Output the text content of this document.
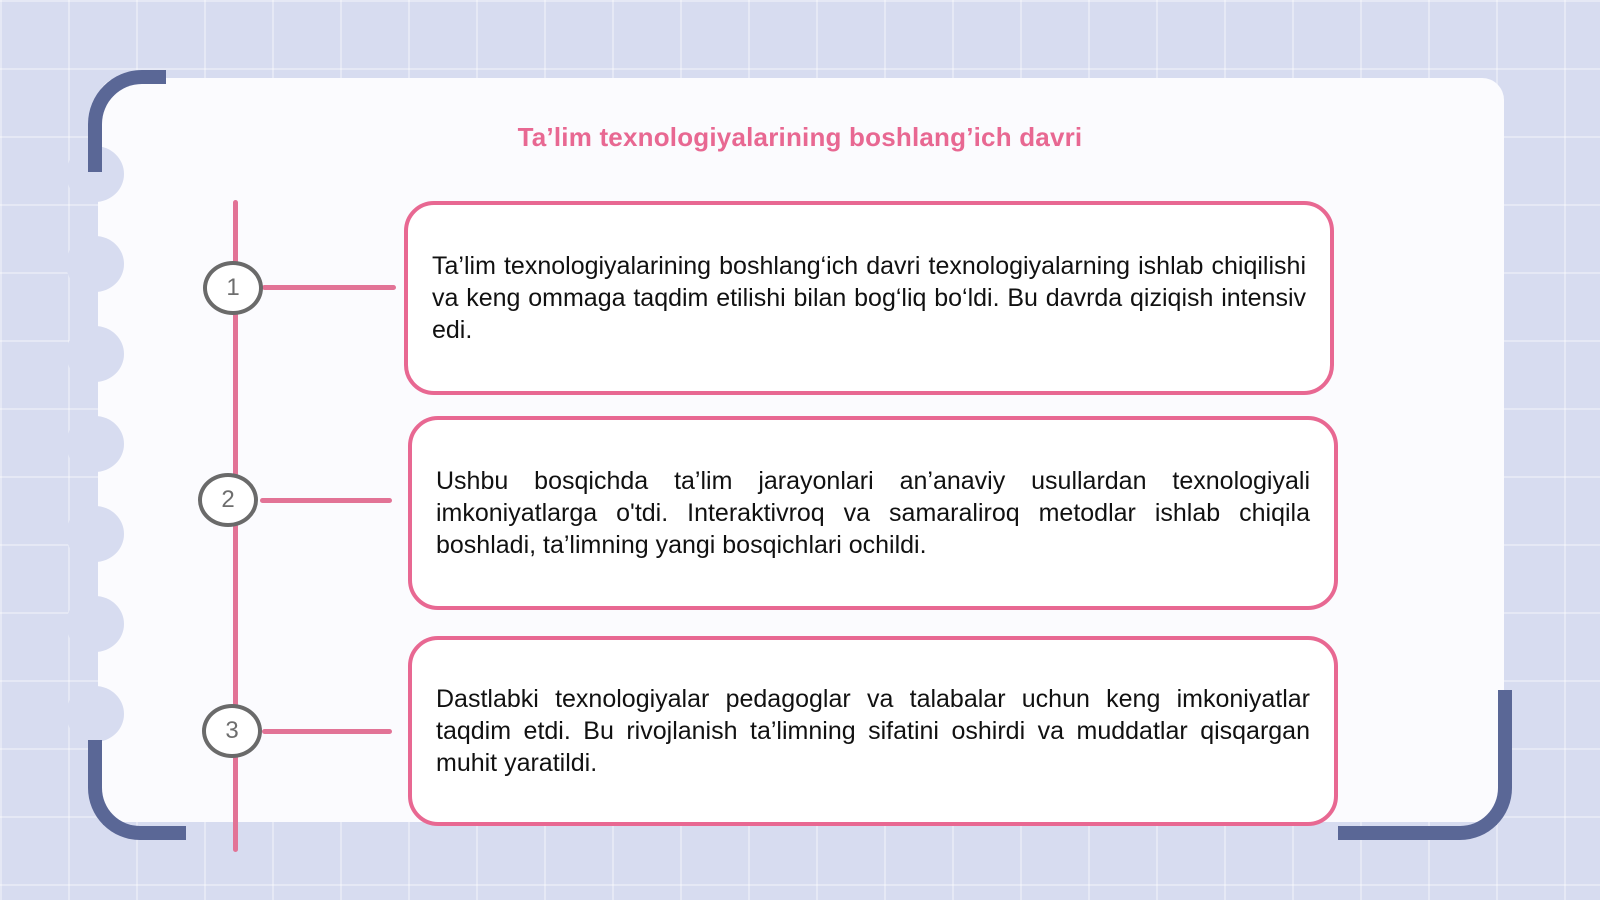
Ta’lim texnologiyalarining boshlang’ich davri
1
2
3

Ta’lim texnologiyalarining boshlang‘ich davri texnologiyalarning ishlab chiqilishi va keng ommaga taqdim etilishi bilan bog‘liq bo‘ldi. Bu davrda qiziqish intensiv edi.

Ushbu bosqichda ta’lim jarayonlari an’anaviy usullardan texnologiyali imkoniyatlarga o'tdi. Interaktivroq va samaraliroq metodlar ishlab chiqila boshladi, ta’limning yangi bosqichlari ochildi.

Dastlabki texnologiyalar pedagoglar va talabalar uchun keng imkoniyatlar taqdim etdi. Bu rivojlanish ta’limning sifatini oshirdi va muddatlar qisqargan muhit yaratildi.
